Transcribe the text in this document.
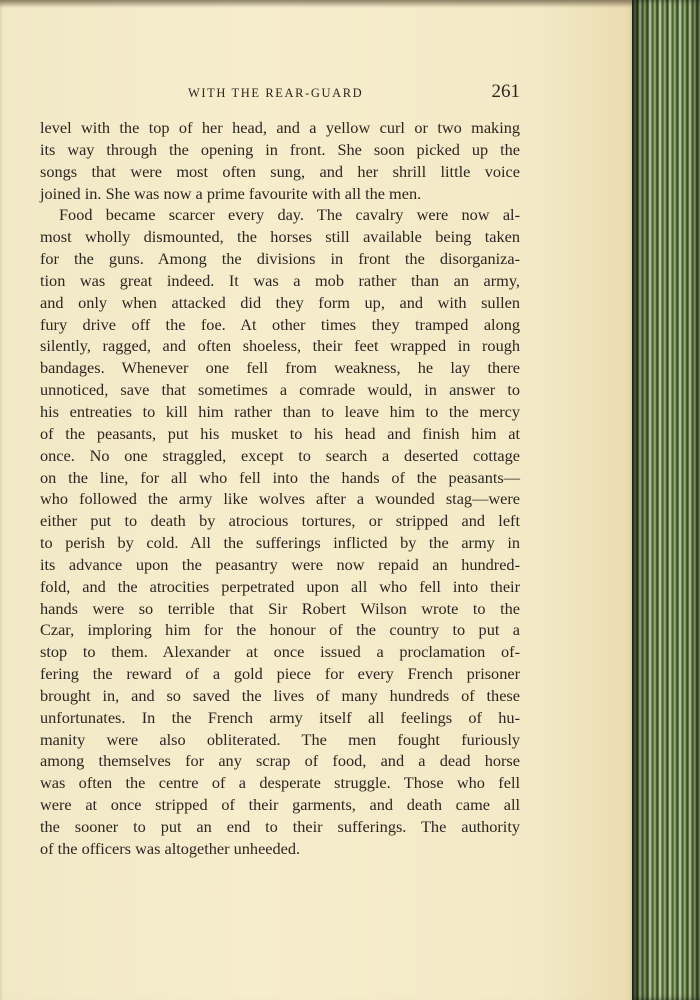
WITH THE REAR-GUARD	261
level with the top of her head, and a yellow curl or two making
its way through the opening in front. She soon picked up the
songs that were most often sung, and her shrill little voice
joined in. She was now a prime favourite with all the men.
Food became scarcer every day. The cavalry were now al-
most wholly dismounted, the horses still available being taken
for the guns. Among the divisions in front the disorganiza-
tion was great indeed. It was a mob rather than an army,
and only when attacked did they form up, and with sullen
fury drive off the foe. At other times they tramped along
silently, ragged, and often shoeless, their feet wrapped in rough
bandages. Whenever one fell from weakness, he lay there
unnoticed, save that sometimes a comrade would, in answer to
his entreaties to kill him rather than to leave him to the mercy
of the peasants, put his musket to his head and finish him at
once. No one straggled, except to search a deserted cottage
on the line, for all who fell into the hands of the peasants—
who followed the army like wolves after a wounded stag—were
either put to death by atrocious tortures, or stripped and left
to perish by cold. All the sufferings inflicted by the army in
its advance upon the peasantry were now repaid an hundred-
fold, and the atrocities perpetrated upon all who fell into their
hands were so terrible that Sir Robert Wilson wrote to the
Czar, imploring him for the honour of the country to put a
stop to them. Alexander at once issued a proclamation of-
fering the reward of a gold piece for every French prisoner
brought in, and so saved the lives of many hundreds of these
unfortunates. In the French army itself all feelings of hu-
manity were also obliterated. The men fought furiously
among themselves for any scrap of food, and a dead horse
was often the centre of a desperate struggle. Those who fell
were at once stripped of their garments, and death came all
the sooner to put an end to their sufferings. The authority
of the officers was altogether unheeded.
